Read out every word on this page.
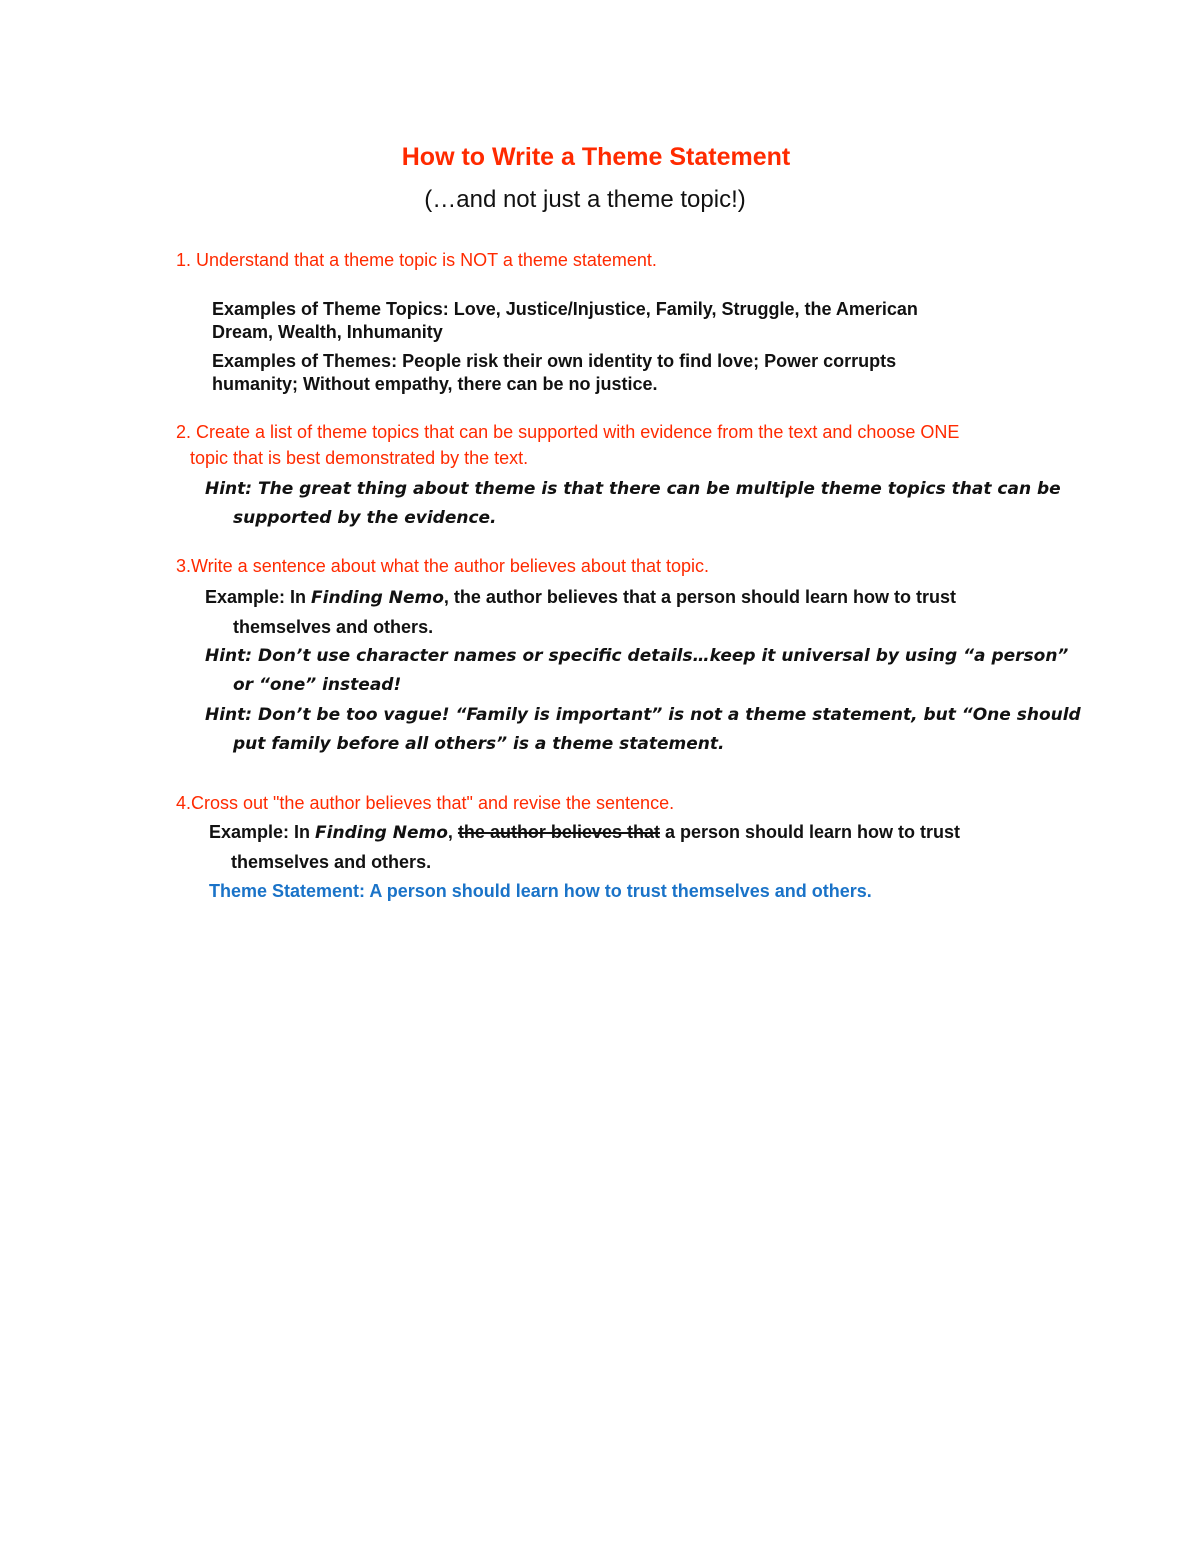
How to Write a Theme Statement

(…and not just a theme topic!)

1. Understand that a theme topic is NOT a theme statement.

Examples of Theme Topics: Love, Justice/Injustice, Family, Struggle, the American
Dream, Wealth, Inhumanity

Examples of Themes: People risk their own identity to find love; Power corrupts
humanity; Without empathy, there can be no justice.

2. Create a list of theme topics that can be supported with evidence from the text and choose ONE
topic that is best demonstrated by the text.

Hint: The great thing about theme is that there can be multiple theme topics that can be
supported by the evidence.

3.Write a sentence about what the author believes about that topic.

Example: In Finding Nemo, the author believes that a person should learn how to trust
themselves and others.

Hint: Don’t use character names or specific details…keep it universal by using “a person”
or “one” instead!

Hint: Don’t be too vague! “Family is important” is not a theme statement, but “One should
put family before all others” is a theme statement.

4.Cross out "the author believes that" and revise the sentence.

Example: In Finding Nemo, the author believes that a person should learn how to trust
themselves and others.

Theme Statement: A person should learn how to trust themselves and others.
